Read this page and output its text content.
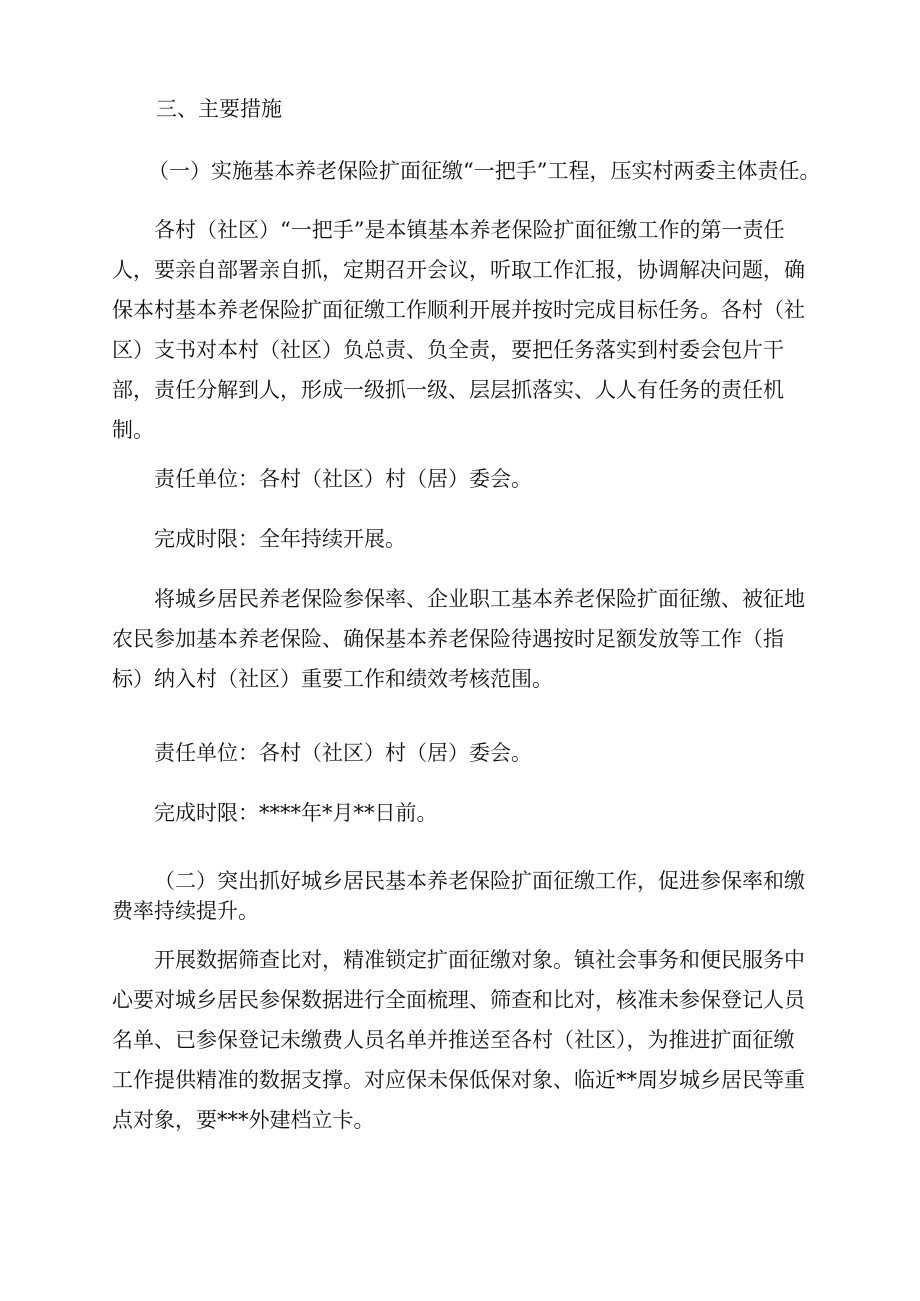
三、主要措施

（一）实施基本养老保险扩面征缴“一把手”工程，压实村两委主体责任。

各村（社区）“一把手”是本镇基本养老保险扩面征缴工作的第一责任人，要亲自部署亲自抓，定期召开会议，听取工作汇报，协调解决问题，确保本村基本养老保险扩面征缴工作顺利开展并按时完成目标任务。各村（社区）支书对本村（社区）负总责、负全责，要把任务落实到村委会包片干部，责任分解到人，形成一级抓一级、层层抓落实、人人有任务的责任机制。

责任单位：各村（社区）村（居）委会。

完成时限：全年持续开展。

将城乡居民养老保险参保率、企业职工基本养老保险扩面征缴、被征地农民参加基本养老保险、确保基本养老保险待遇按时足额发放等工作（指标）纳入村（社区）重要工作和绩效考核范围。

责任单位：各村（社区）村（居）委会。

完成时限：****年*月**日前。

（二）突出抓好城乡居民基本养老保险扩面征缴工作，促进参保率和缴费率持续提升。

开展数据筛查比对，精准锁定扩面征缴对象。镇社会事务和便民服务中心要对城乡居民参保数据进行全面梳理、筛查和比对，核准未参保登记人员名单、已参保登记未缴费人员名单并推送至各村（社区），为推进扩面征缴工作提供精准的数据支撑。对应保未保低保对象、临近**周岁城乡居民等重点对象，要***外建档立卡。
